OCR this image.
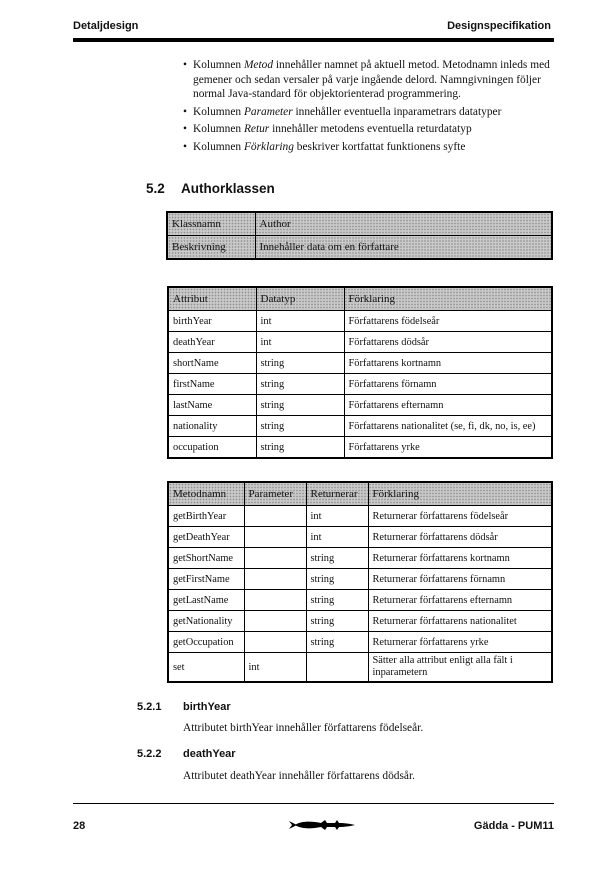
Detaljdesign	Designspecifikation
• Kolumnen Metod innehåller namnet på aktuell metod. Metodnamn inleds med gemener och sedan versaler på varje ingående delord. Namngivningen följer normal Java-standard för objektorienterad programmering.
• Kolumnen Parameter innehåller eventuella inparametrars datatyper
• Kolumnen Retur innehåller metodens eventuella returdatatyp
• Kolumnen Förklaring beskriver kortfattat funktionens syfte
5.2 Authorklassen
Klassnamn	Author
Beskrivning	Innehåller data om en författare
Attribut	Datatyp	Förklaring
birthYear	int	Författarens födelseår
deathYear	int	Författarens dödsår
shortName	string	Författarens kortnamn
firstName	string	Författarens förnamn
lastName	string	Författarens efternamn
nationality	string	Författarens nationalitet (se, fi, dk, no, is, ee)
occupation	string	Författarens yrke
Metodnamn	Parameter	Returnerar	Förklaring
getBirthYear		int	Returnerar författarens födelseår
getDeathYear		int	Returnerar författarens dödsår
getShortName		string	Returnerar författarens kortnamn
getFirstName		string	Returnerar författarens förnamn
getLastName		string	Returnerar författarens efternamn
getNationality		string	Returnerar författarens nationalitet
getOccupation		string	Returnerar författarens yrke
set	int		Sätter alla attribut enligt alla fält i inparametern
5.2.1 birthYear
Attributet birthYear innehåller författarens födelseår.
5.2.2 deathYear
Attributet deathYear innehåller författarens dödsår.
28	Gädda - PUM11
